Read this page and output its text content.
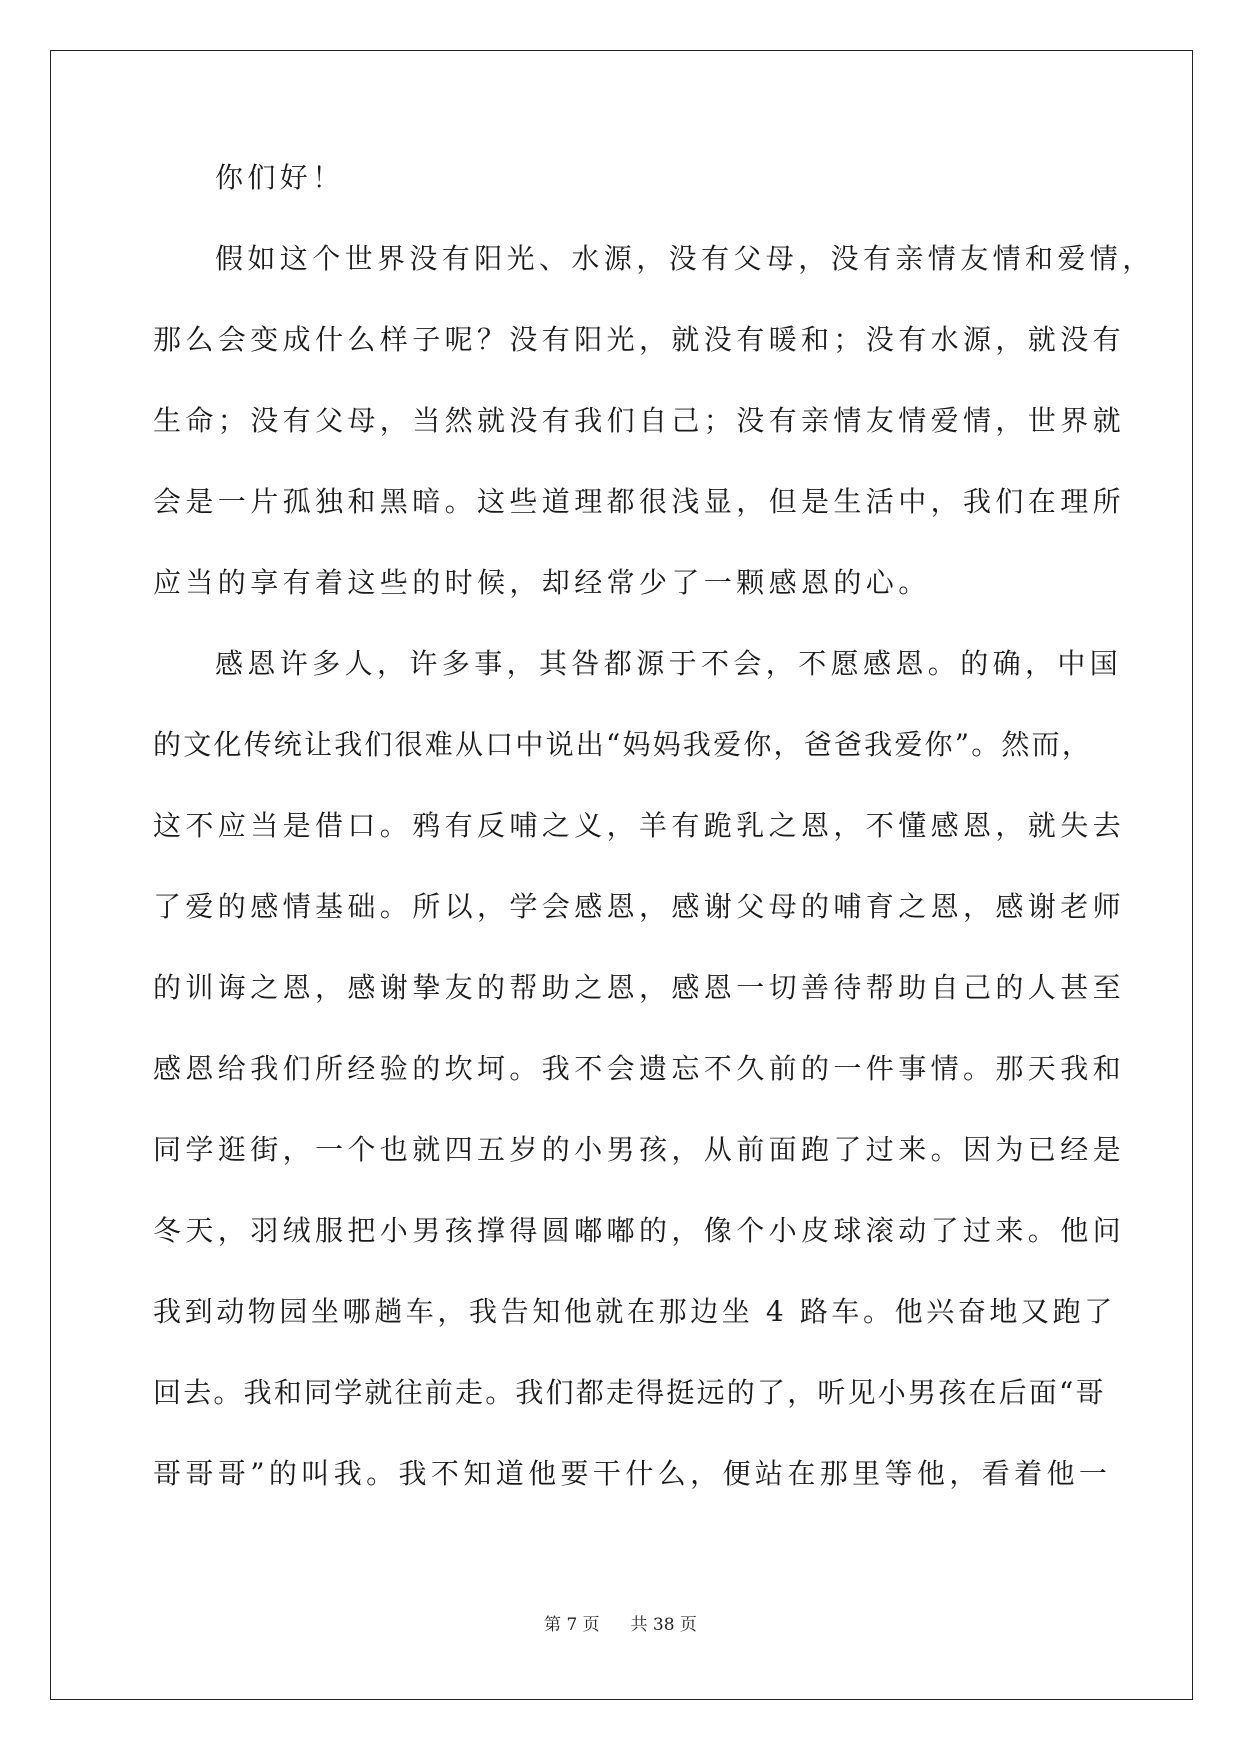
你们好！
假如这个世界没有阳光、水源，没有父母，没有亲情友情和爱情，
那么会变成什么样子呢？没有阳光，就没有暖和；没有水源，就没有
生命；没有父母，当然就没有我们自己；没有亲情友情爱情，世界就
会是一片孤独和黑暗。这些道理都很浅显，但是生活中，我们在理所
应当的享有着这些的时候，却经常少了一颗感恩的心。
感恩许多人，许多事，其咎都源于不会，不愿感恩。的确，中国
的文化传统让我们很难从口中说出“妈妈我爱你，爸爸我爱你”。然而，
这不应当是借口。鸦有反哺之义，羊有跪乳之恩，不懂感恩，就失去
了爱的感情基础。所以，学会感恩，感谢父母的哺育之恩，感谢老师
的训诲之恩，感谢挚友的帮助之恩，感恩一切善待帮助自己的人甚至
感恩给我们所经验的坎坷。我不会遗忘不久前的一件事情。那天我和
同学逛街，一个也就四五岁的小男孩，从前面跑了过来。因为已经是
冬天，羽绒服把小男孩撑得圆嘟嘟的，像个小皮球滚动了过来。他问
我到动物园坐哪趟车，我告知他就在那边坐 4 路车。他兴奋地又跑了
回去。我和同学就往前走。我们都走得挺远的了，听见小男孩在后面“哥
哥哥哥”的叫我。我不知道他要干什么，便站在那里等他，看着他一
第 7 页 共 38 页
